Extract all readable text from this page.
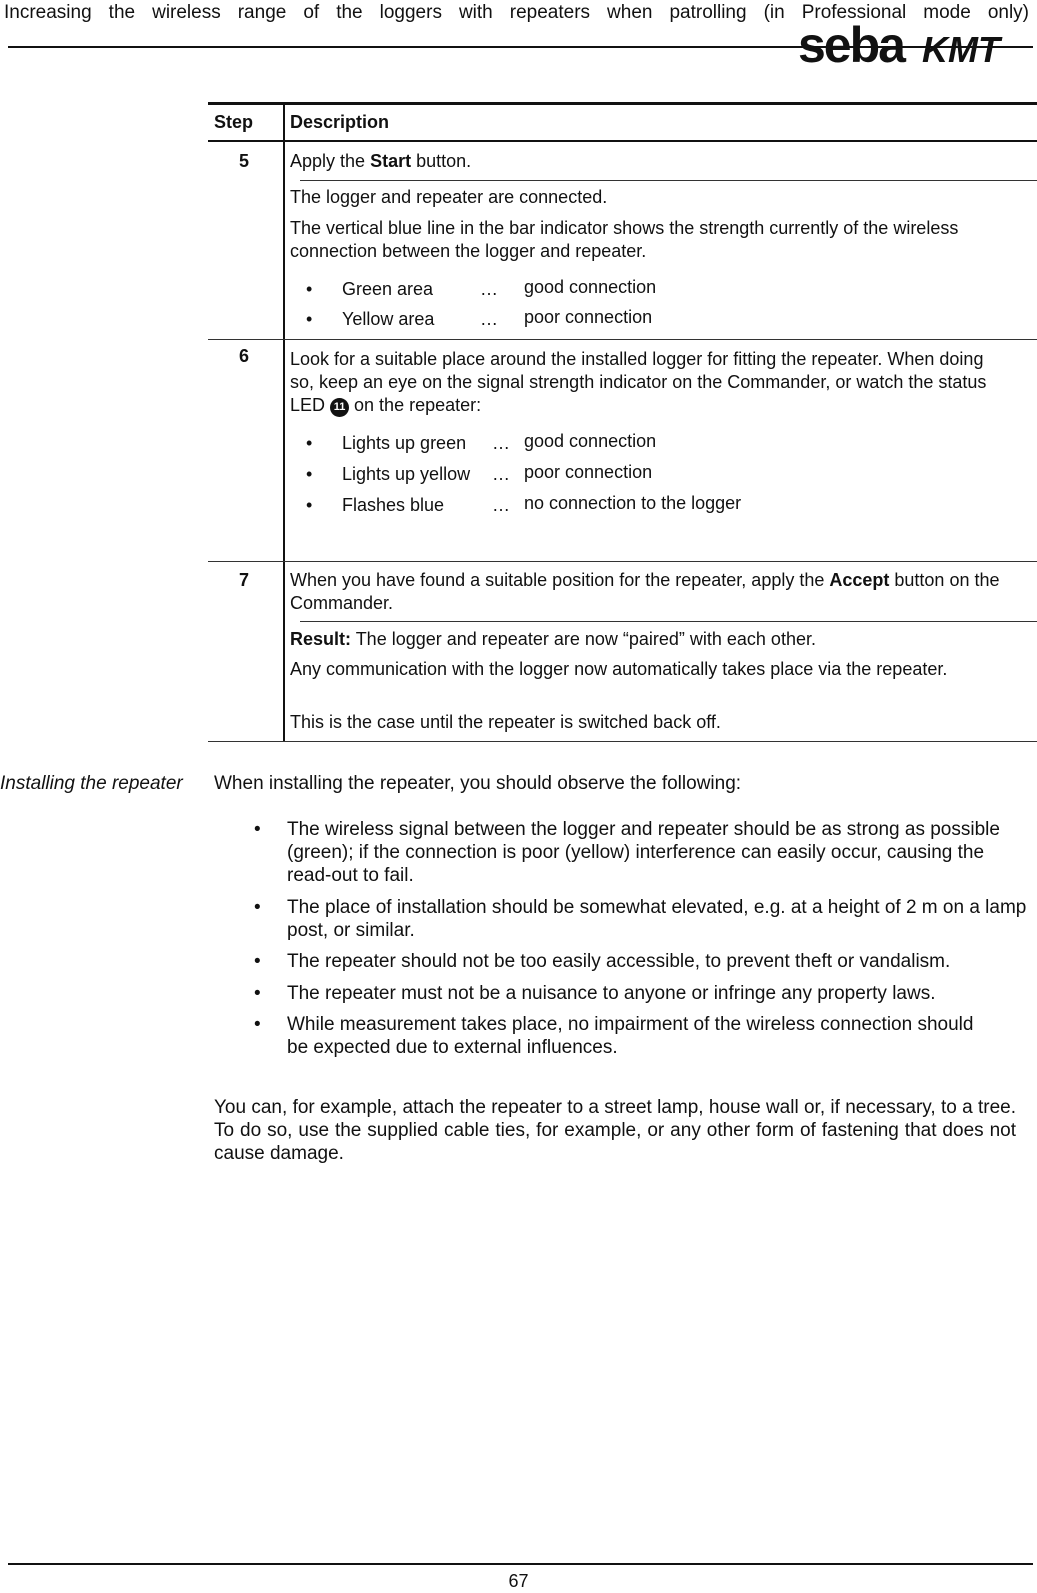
Increasing the wireless range of the loggers with repeaters when patrolling (in Professional mode only)
seba KMT
Step Description
5	Apply the Start button.
The logger and repeater are connected.
The vertical blue line in the bar indicator shows the strength currently of the wireless connection between the logger and repeater.
• Green area	… good connection
• Yellow area	… poor connection
6	Look for a suitable place around the installed logger for fitting the repeater. When doing so, keep an eye on the signal strength indicator on the Commander, or watch the status LED 11 on the repeater:
• Lights up green … good connection
• Lights up yellow … poor connection
• Flashes blue	… no connection to the logger
7	When you have found a suitable position for the repeater, apply the Accept button on the Commander.
Result: The logger and repeater are now “paired” with each other.
Any communication with the logger now automatically takes place via the repeater.
This is the case until the repeater is switched back off.
Installing the repeater When installing the repeater, you should observe the following:
• The wireless signal between the logger and repeater should be as strong as possible (green); if the connection is poor (yellow) interference can easily occur, causing the read-out to fail.
• The place of installation should be somewhat elevated, e.g. at a height of 2 m on a lamp post, or similar.
• The repeater should not be too easily accessible, to prevent theft or vandalism.
• The repeater must not be a nuisance to anyone or infringe any property laws.
• While measurement takes place, no impairment of the wireless connection should be expected due to external influences.
You can, for example, attach the repeater to a street lamp, house wall or, if necessary, to a tree. To do so, use the supplied cable ties, for example, or any other form of fastening that does not cause damage.
67
